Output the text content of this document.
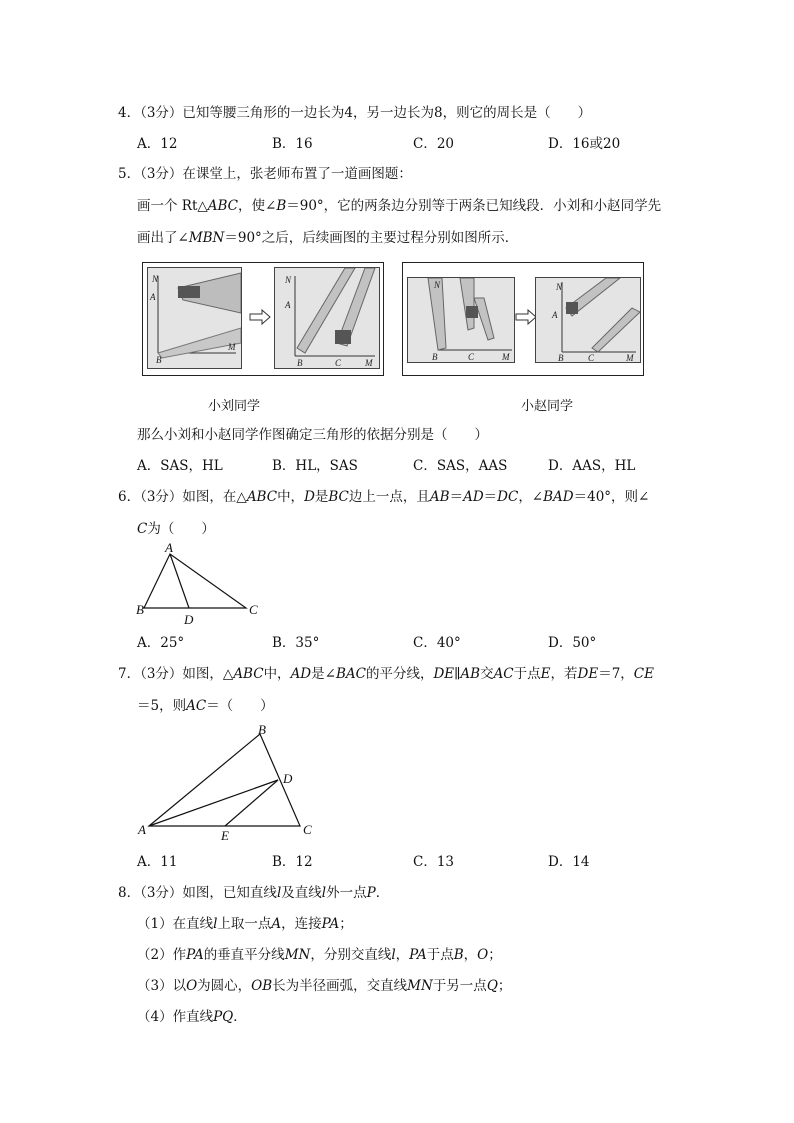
4．（3分）已知等腰三角形的一边长为4，另一边长为8，则它的周长是（　　）
A．12	B．16	C．20	D．16或20
5．（3分）在课堂上，张老师布置了一道画图题：
画一个 Rt△ABC，使∠B＝90°，它的两条边分别等于两条已知线段．小刘和小赵同学先
画出了∠MBN＝90°之后，后续画图的主要过程分别如图所示．
N
A
B
M
N
A
B	C	M
N
B	C	M
N
A
B	C	M
小刘同学	小赵同学
那么小刘和小赵同学作图确定三角形的依据分别是（　　）
A．SAS，HL	B．HL，SAS	C．SAS，AAS	D．AAS，HL
6．（3分）如图，在△ABC中，D是BC边上一点，且AB＝AD＝DC，∠BAD＝40°，则∠
C为（　　）
A
B	C
D
A．25°	B．35°	C．40°	D．50°
7．（3分）如图，△ABC中，AD是∠BAC的平分线，DE∥AB交AC于点E，若DE＝7，CE
＝5，则AC＝（　　）
A
B
C
D
E
A．11	B．12	C．13	D．14
8．（3分）如图，已知直线l及直线l外一点P．
（1）在直线l上取一点A，连接PA；
（2）作PA的垂直平分线MN，分别交直线l，PA于点B，O；
（3）以O为圆心，OB长为半径画弧，交直线MN于另一点Q；
（4）作直线PQ．
